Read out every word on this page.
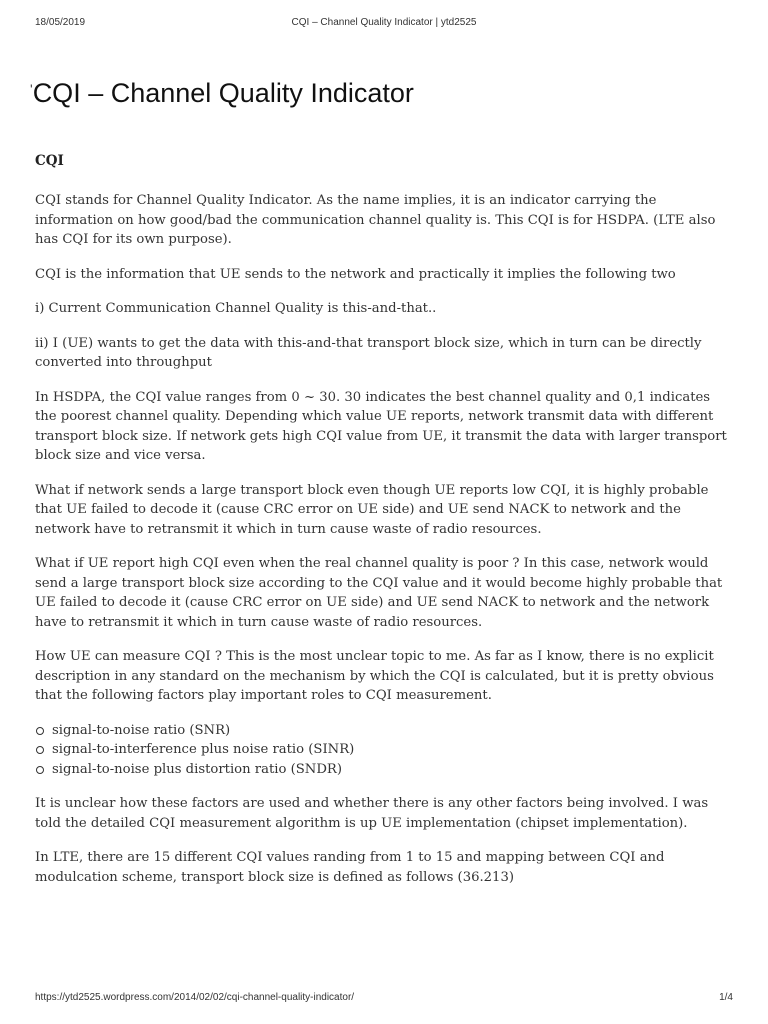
18/05/2019	CQI – Channel Quality Indicator | ytd2525
'CQI – Channel Quality Indicator
CQI

CQI stands for Channel Quality Indicator. As the name implies, it is an indicator carrying the information on how good/bad the communication channel quality is. This CQI is for HSDPA. (LTE also has CQI for its own purpose).

CQI is the information that UE sends to the network and practically it implies the following two

i) Current Communication Channel Quality is this-and-that..

ii) I (UE) wants to get the data with this-and-that transport block size, which in turn can be directly converted into throughput

In HSDPA, the CQI value ranges from 0 ~ 30. 30 indicates the best channel quality and 0,1 indicates the poorest channel quality. Depending which value UE reports, network transmit data with different transport block size. If network gets high CQI value from UE, it transmit the data with larger transport block size and vice versa.

What if network sends a large transport block even though UE reports low CQI, it is highly probable that UE failed to decode it (cause CRC error on UE side) and UE send NACK to network and the network have to retransmit it which in turn cause waste of radio resources.

What if UE report high CQI even when the real channel quality is poor ? In this case, network would send a large transport block size according to the CQI value and it would become highly probable that UE failed to decode it (cause CRC error on UE side) and UE send NACK to network and the network have to retransmit it which in turn cause waste of radio resources.

How UE can measure CQI ? This is the most unclear topic to me. As far as I know, there is no explicit description in any standard on the mechanism by which the CQI is calculated, but it is pretty obvious that the following factors play important roles to CQI measurement.

signal-to-noise ratio (SNR)
signal-to-interference plus noise ratio (SINR)
signal-to-noise plus distortion ratio (SNDR)

It is unclear how these factors are used and whether there is any other factors being involved. I was told the detailed CQI measurement algorithm is up UE implementation (chipset implementation).

In LTE, there are 15 different CQI values randing from 1 to 15 and mapping between CQI and modulcation scheme, transport block size is defined as follows (36.213)

https://ytd2525.wordpress.com/2014/02/02/cqi-channel-quality-indicator/	1/4
